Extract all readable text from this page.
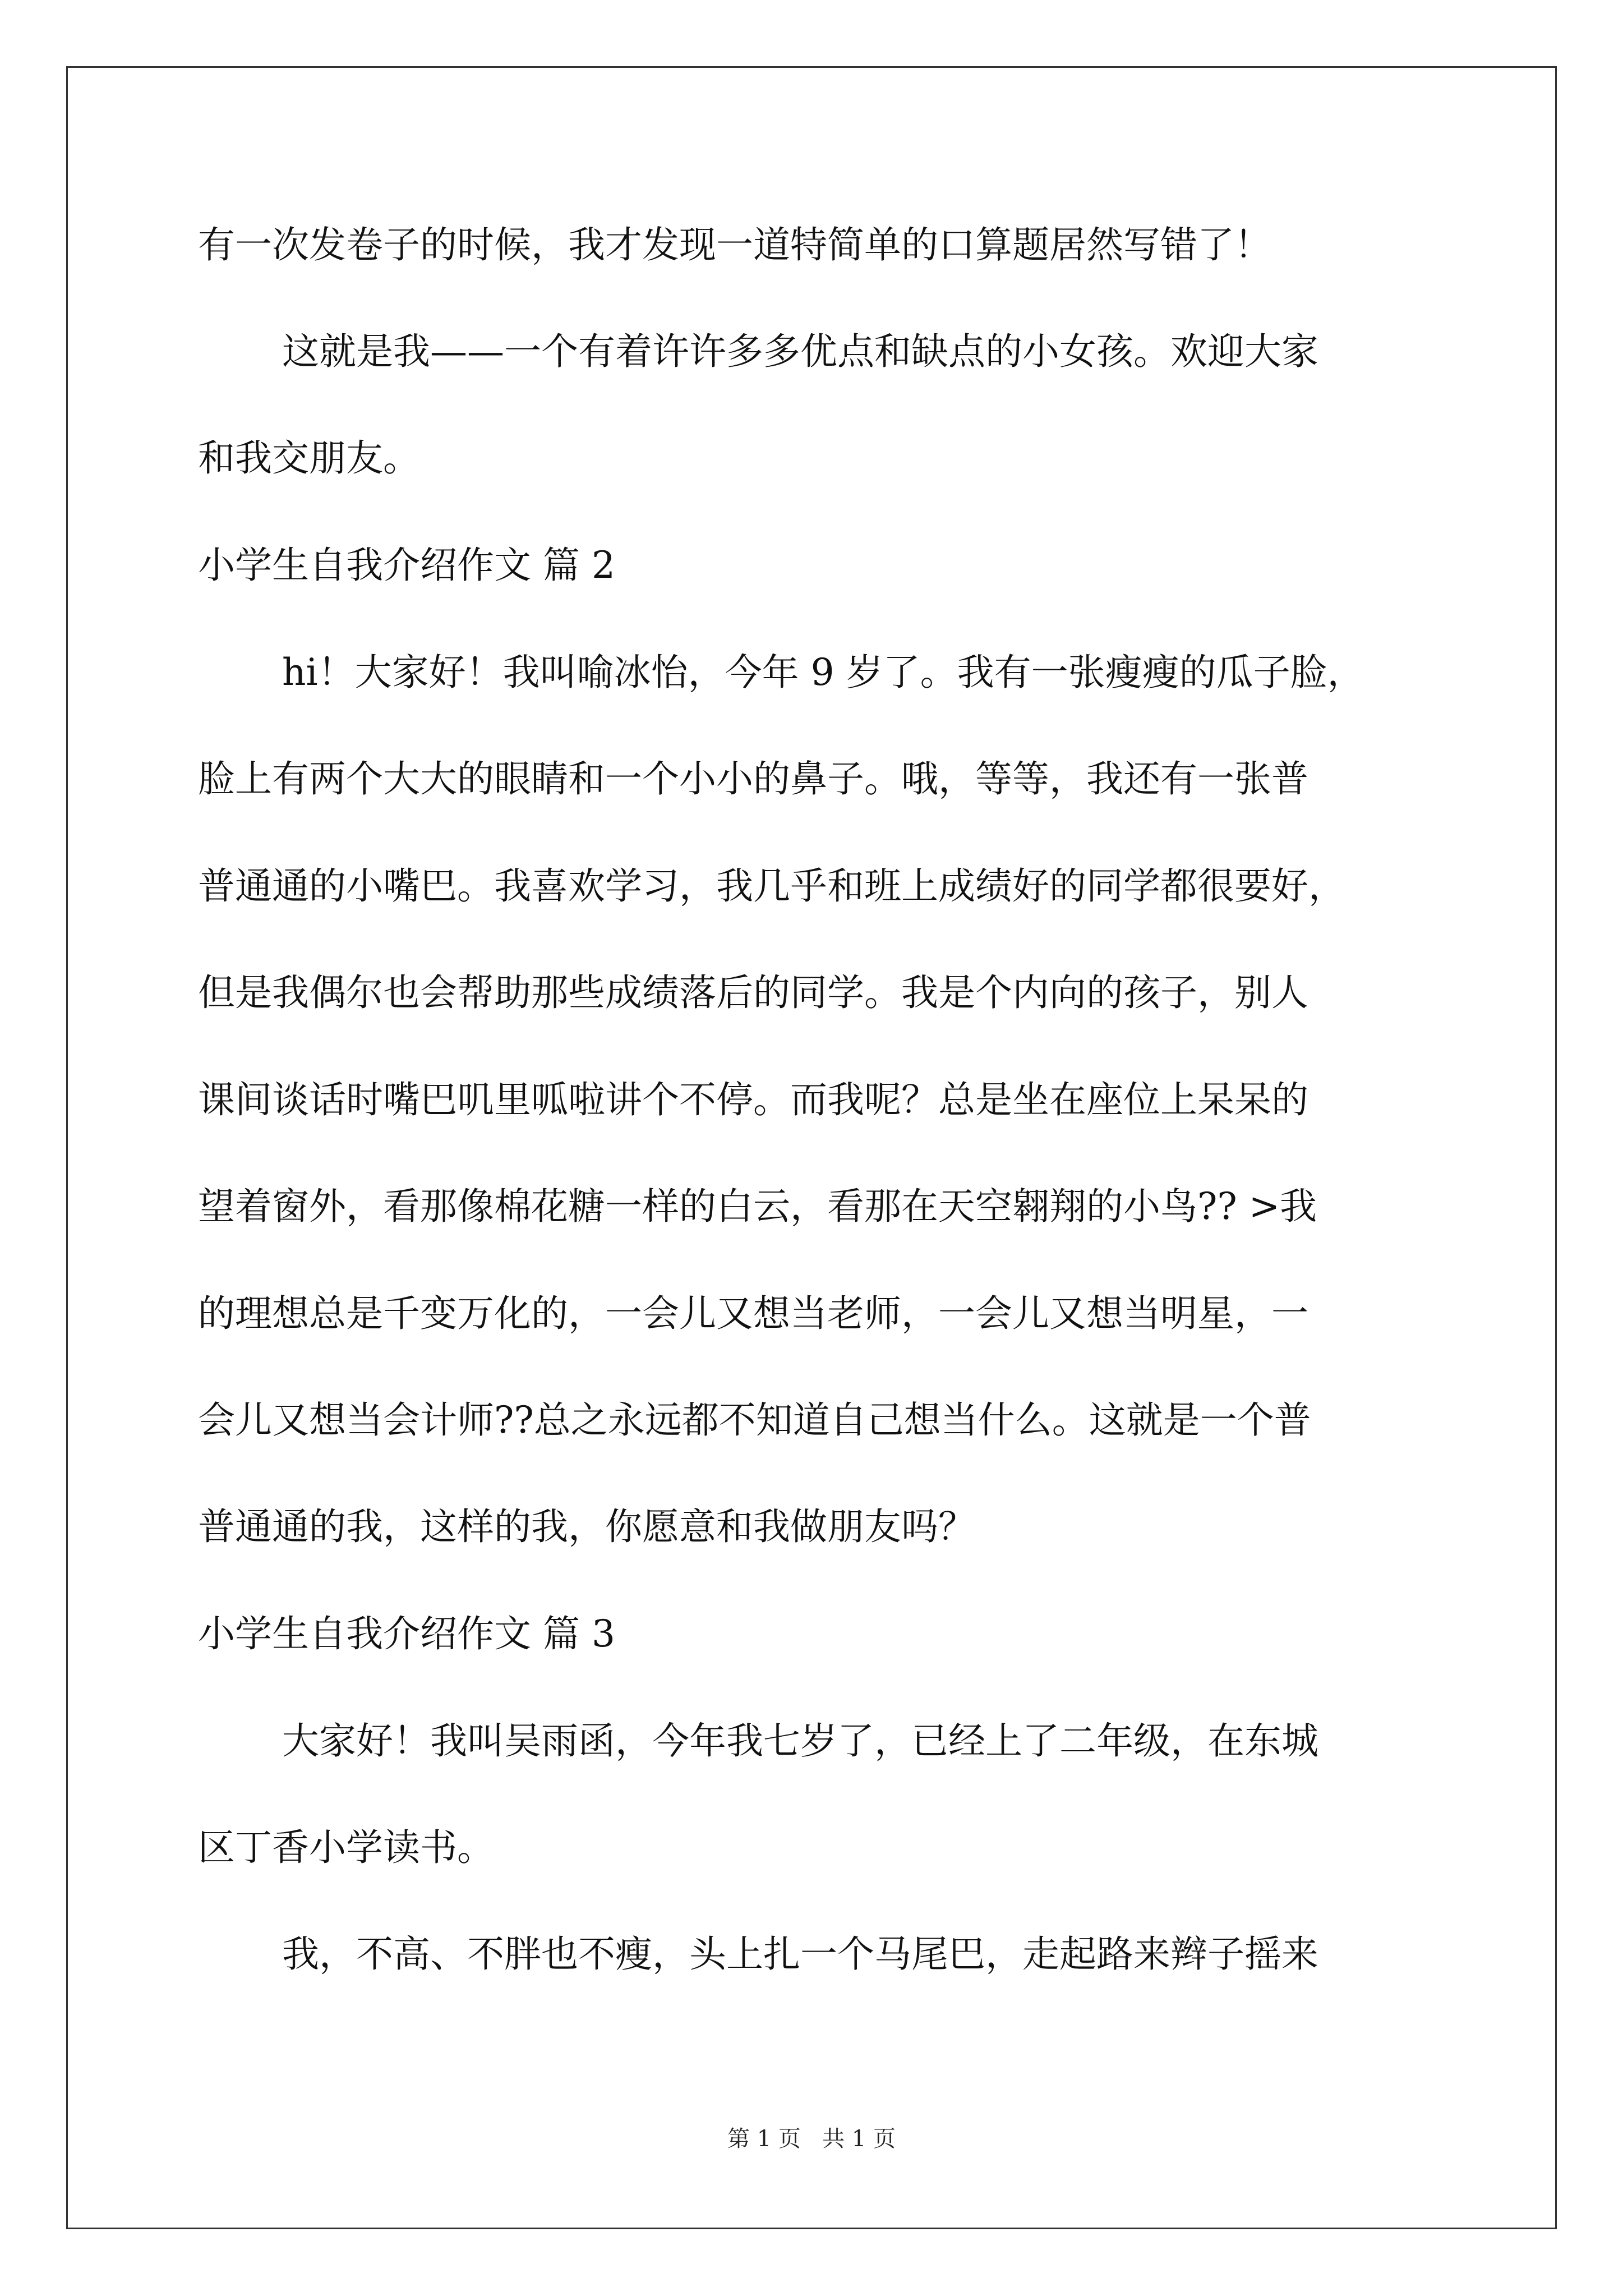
有一次发卷子的时候，我才发现一道特简单的口算题居然写错了！
这就是我——一个有着许许多多优点和缺点的小女孩。欢迎大家
和我交朋友。
小学生自我介绍作文 篇 2
hi！大家好！我叫喻冰怡，今年 9 岁了。我有一张瘦瘦的瓜子脸，
脸上有两个大大的眼睛和一个小小的鼻子。哦，等等，我还有一张普
普通通的小嘴巴。我喜欢学习，我几乎和班上成绩好的同学都很要好，
但是我偶尔也会帮助那些成绩落后的同学。我是个内向的孩子，别人
课间谈话时嘴巴叽里呱啦讲个不停。而我呢？总是坐在座位上呆呆的
望着窗外，看那像棉花糖一样的白云，看那在天空翱翔的小鸟?? >我
的理想总是千变万化的，一会儿又想当老师，一会儿又想当明星，一
会儿又想当会计师??总之永远都不知道自己想当什么。这就是一个普
普通通的我，这样的我，你愿意和我做朋友吗？
小学生自我介绍作文 篇 3
大家好！我叫吴雨函，今年我七岁了，已经上了二年级，在东城
区丁香小学读书。
我，不高、不胖也不瘦，头上扎一个马尾巴，走起路来辫子摇来
第 1 页 共 1 页
